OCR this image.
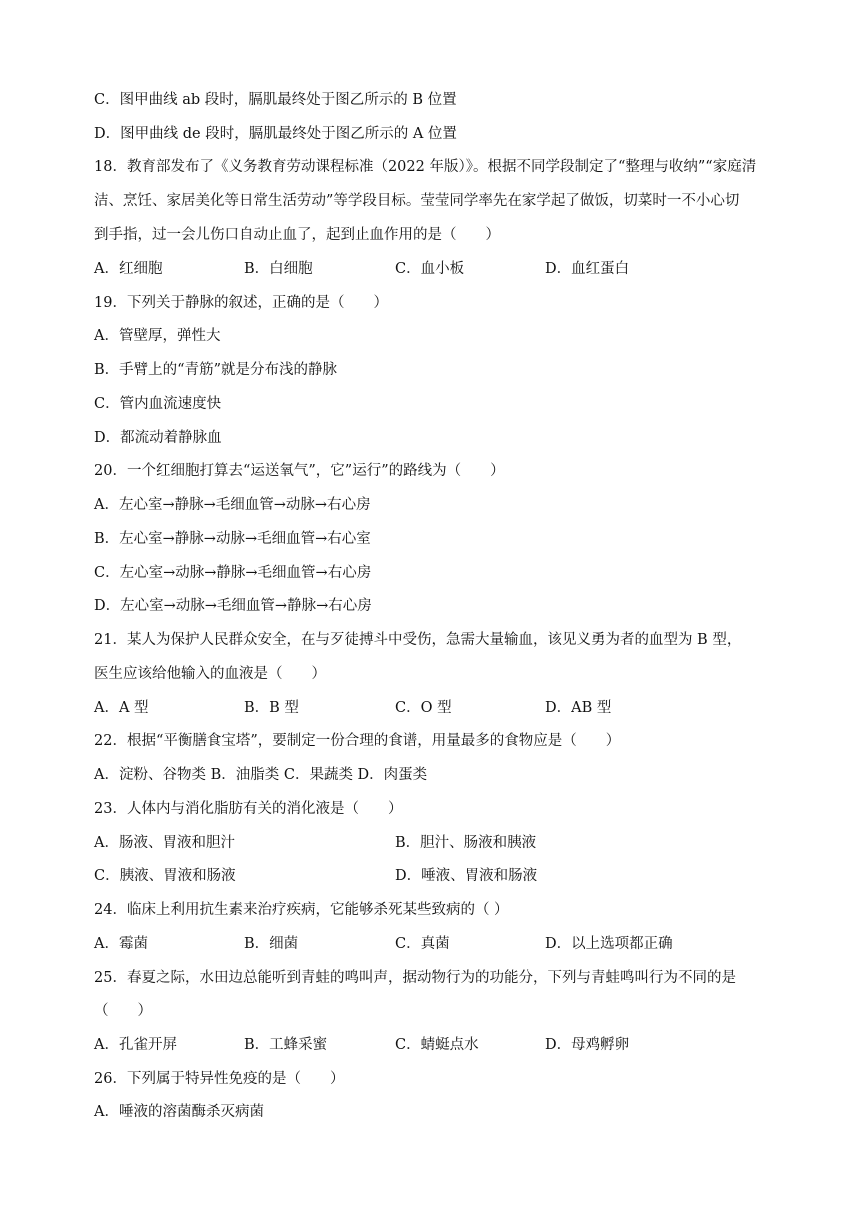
C．图甲曲线 ab 段时，膈肌最终处于图乙所示的 B 位置
D．图甲曲线 de 段时，膈肌最终处于图乙所示的 A 位置
18．教育部发布了《义务教育劳动课程标准（2022 年版）》。根据不同学段制定了“整理与收纳”“家庭清
洁、烹饪、家居美化等日常生活劳动”等学段目标。莹莹同学率先在家学起了做饭，切菜时一不小心切
到手指，过一会儿伤口自动止血了，起到止血作用的是（　　）
A．红细胞	B．白细胞	C．血小板	D．血红蛋白
19．下列关于静脉的叙述，正确的是（　　）
A．管壁厚，弹性大
B．手臂上的“青筋”就是分布浅的静脉
C．管内血流速度快
D．都流动着静脉血
20．一个红细胞打算去“运送氧气”，它”运行”的路线为（　　）
A．左心室→静脉→毛细血管→动脉→右心房
B．左心室→静脉→动脉→毛细血管→右心室
C．左心室→动脉→静脉→毛细血管→右心房
D．左心室→动脉→毛细血管→静脉→右心房
21．某人为保护人民群众安全，在与歹徒搏斗中受伤，急需大量输血，该见义勇为者的血型为 B 型，
医生应该给他输入的血液是（　　）
A．A 型	B．B 型	C．O 型	D．AB 型
22．根据“平衡膳食宝塔”，要制定一份合理的食谱，用量最多的食物应是（　　）
A．淀粉、谷物类 B．油脂类 C．果蔬类 D．肉蛋类
23．人体内与消化脂肪有关的消化液是（　　）
A．肠液、胃液和胆汁	B．胆汁、肠液和胰液
C．胰液、胃液和肠液	D．唾液、胃液和肠液
24．临床上利用抗生素来治疗疾病，它能够杀死某些致病的（ ）
A．霉菌	B．细菌	C．真菌	D．以上选项都正确
25．春夏之际，水田边总能听到青蛙的鸣叫声，据动物行为的功能分，下列与青蛙鸣叫行为不同的是
（　　）
A．孔雀开屏	B．工蜂采蜜	C．蜻蜓点水	D．母鸡孵卵
26．下列属于特异性免疫的是（　　）
A．唾液的溶菌酶杀灭病菌
